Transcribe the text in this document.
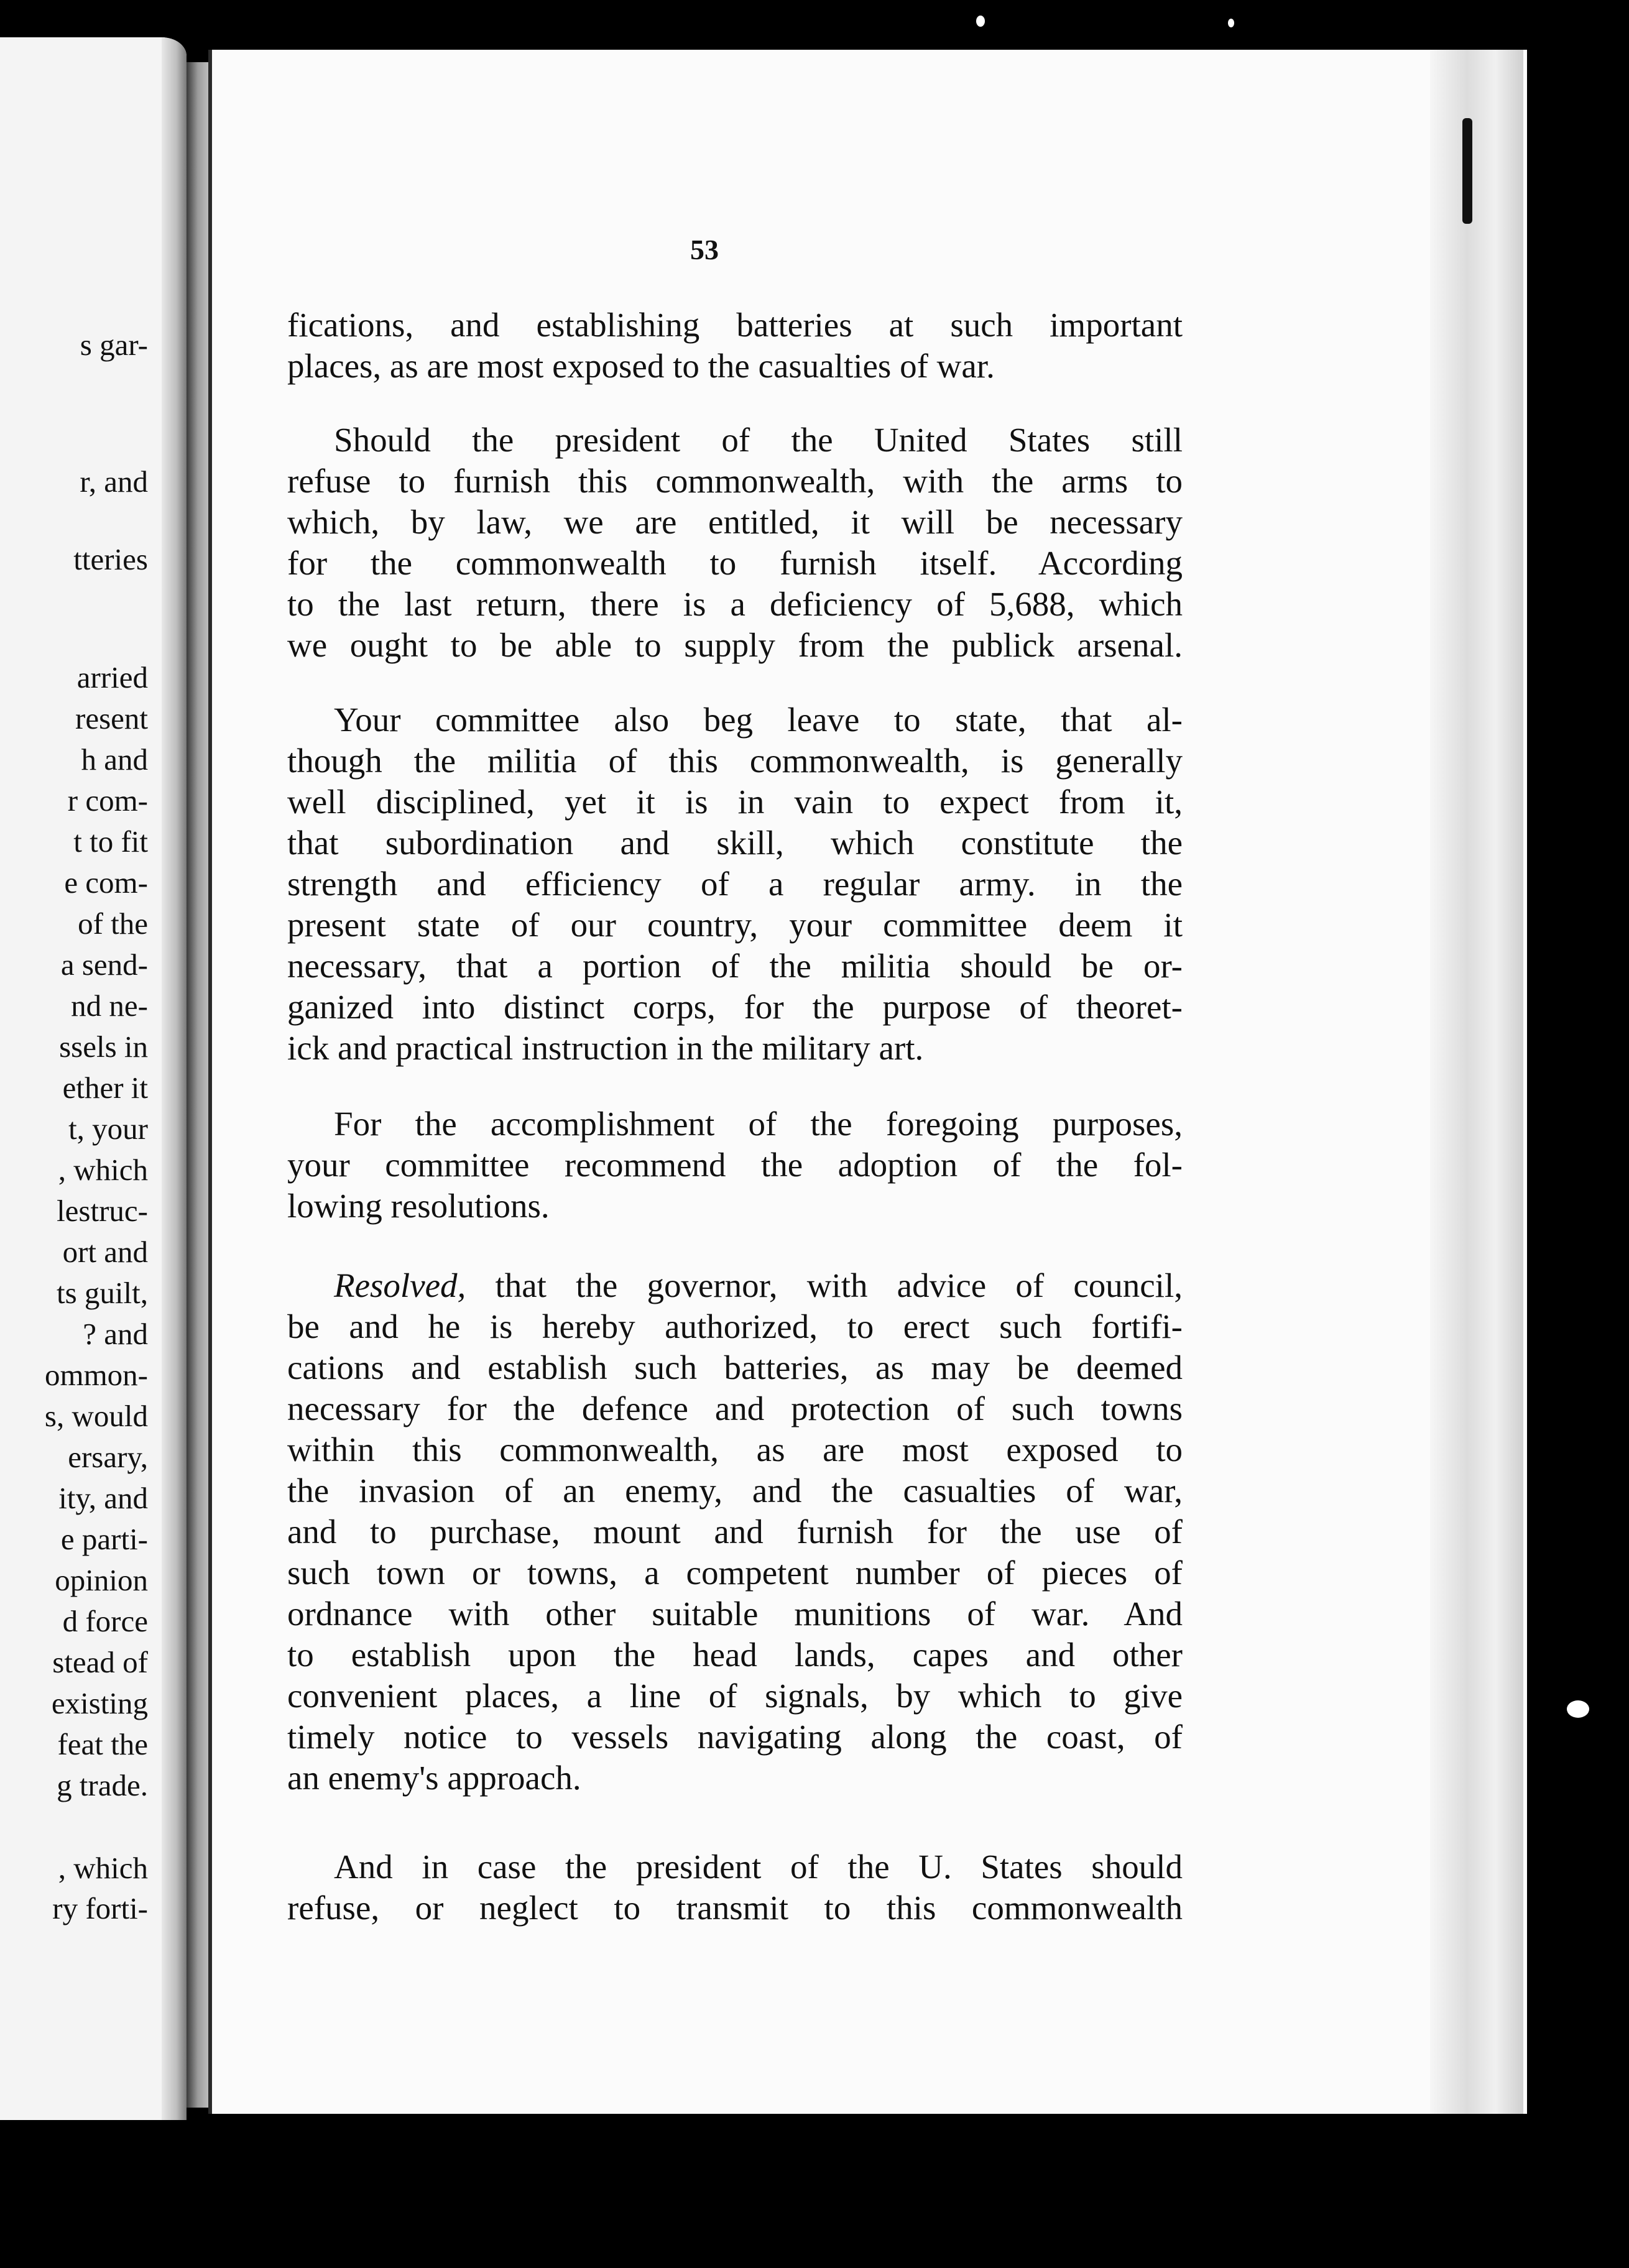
s gar-
r, and
tteries
arried
resent
h and
r com-
t to fit
e com-
of the
a send-
nd ne-
ssels in
ether it
t, your
, which
lestruc-
ort and
ts guilt,
? and
ommon-
s, would
ersary,
ity, and
e parti-
opinion
d force
stead of
existing
feat the
g trade.
, which
ry forti-
53
fications, and establishing batteries at such important
places, as are most exposed to the casualties of war.
Should the president of the United States still
refuse to furnish this commonwealth, with the arms to
which, by law, we are entitled, it will be necessary
for the commonwealth to furnish itself. According
to the last return, there is a deficiency of 5,688, which
we ought to be able to supply from the publick arsenal.
Your committee also beg leave to state, that al-
though the militia of this commonwealth, is generally
well disciplined, yet it is in vain to expect from it,
that subordination and skill, which constitute the
strength and efficiency of a regular army. in the
present state of our country, your committee deem it
necessary, that a portion of the militia should be or-
ganized into distinct corps, for the purpose of theoret-
ick and practical instruction in the military art.
For the accomplishment of the foregoing purposes,
your committee recommend the adoption of the fol-
lowing resolutions.
Resolved, that the governor, with advice of council,
be and he is hereby authorized, to erect such fortifi-
cations and establish such batteries, as may be deemed
necessary for the defence and protection of such towns
within this commonwealth, as are most exposed to
the invasion of an enemy, and the casualties of war,
and to purchase, mount and furnish for the use of
such town or towns, a competent number of pieces of
ordnance with other suitable munitions of war. And
to establish upon the head lands, capes and other
convenient places, a line of signals, by which to give
timely notice to vessels navigating along the coast, of
an enemy's approach.
And in case the president of the U. States should
refuse, or neglect to transmit to this commonwealth
